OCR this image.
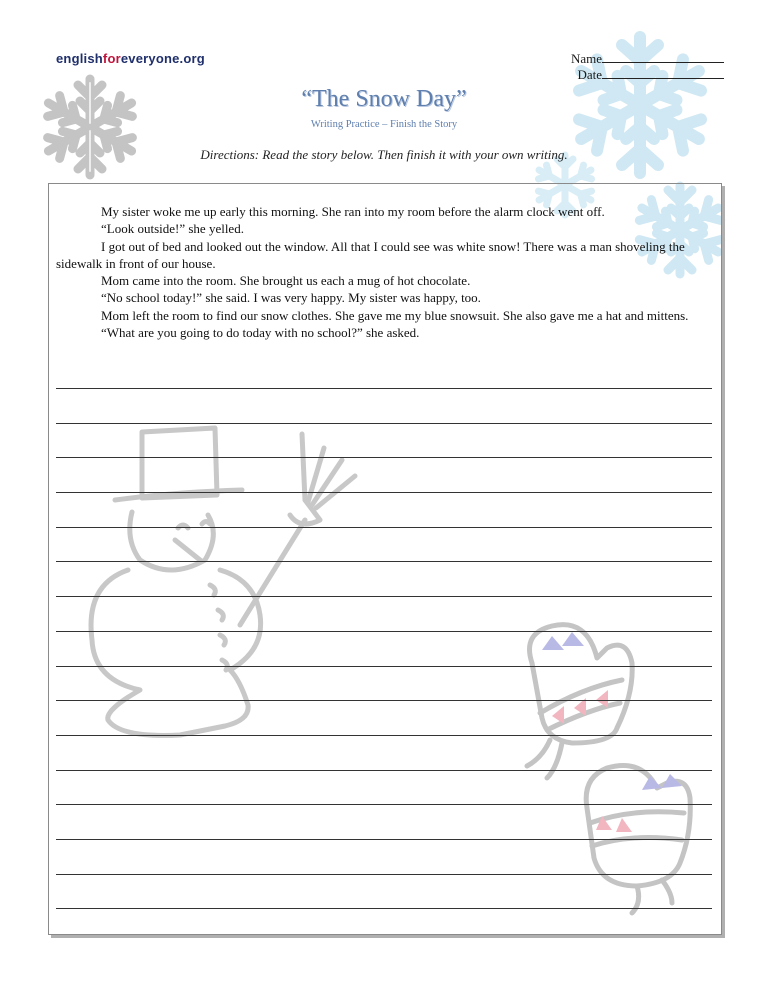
englishforeveryone.org	Name
Date
“The Snow Day”
Writing Practice – Finish the Story
Directions: Read the story below. Then finish it with your own writing.

My sister woke me up early this morning. She ran into my room before the alarm clock went off.

“Look outside!” she yelled.

I got out of bed and looked out the window. All that I could see was white snow! There was a man shoveling the sidewalk in front of our house.

Mom came into the room. She brought us each a mug of hot chocolate.

“No school today!” she said. I was very happy. My sister was happy, too.

Mom left the room to find our snow clothes. She gave me my blue snowsuit. She also gave me a hat and mittens.

“What are you going to do today with no school?” she asked.
